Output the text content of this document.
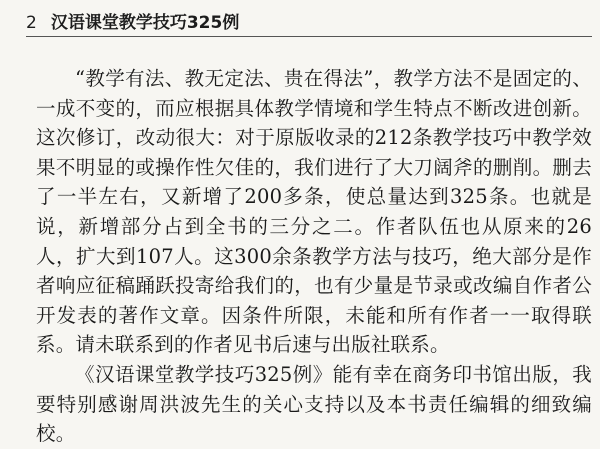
2 汉语课堂教学技巧325例

“教学有法、教无定法、贵在得法”，教学方法不是固定的、一成不变的，而应根据具体教学情境和学生特点不断改进创新。这次修订，改动很大：对于原版收录的212条教学技巧中教学效果不明显的或操作性欠佳的，我们进行了大刀阔斧的删削。删去了一半左右，又新增了200多条，使总量达到325条。也就是说，新增部分占到全书的三分之二。作者队伍也从原来的26人，扩大到107人。这300余条教学方法与技巧，绝大部分是作者响应征稿踊跃投寄给我们的，也有少量是节录或改编自作者公开发表的著作文章。因条件所限，未能和所有作者一一取得联系。请未联系到的作者见书后速与出版社联系。

《汉语课堂教学技巧325例》能有幸在商务印书馆出版，我要特别感谢周洪波先生的关心支持以及本书责任编辑的细致编校。
